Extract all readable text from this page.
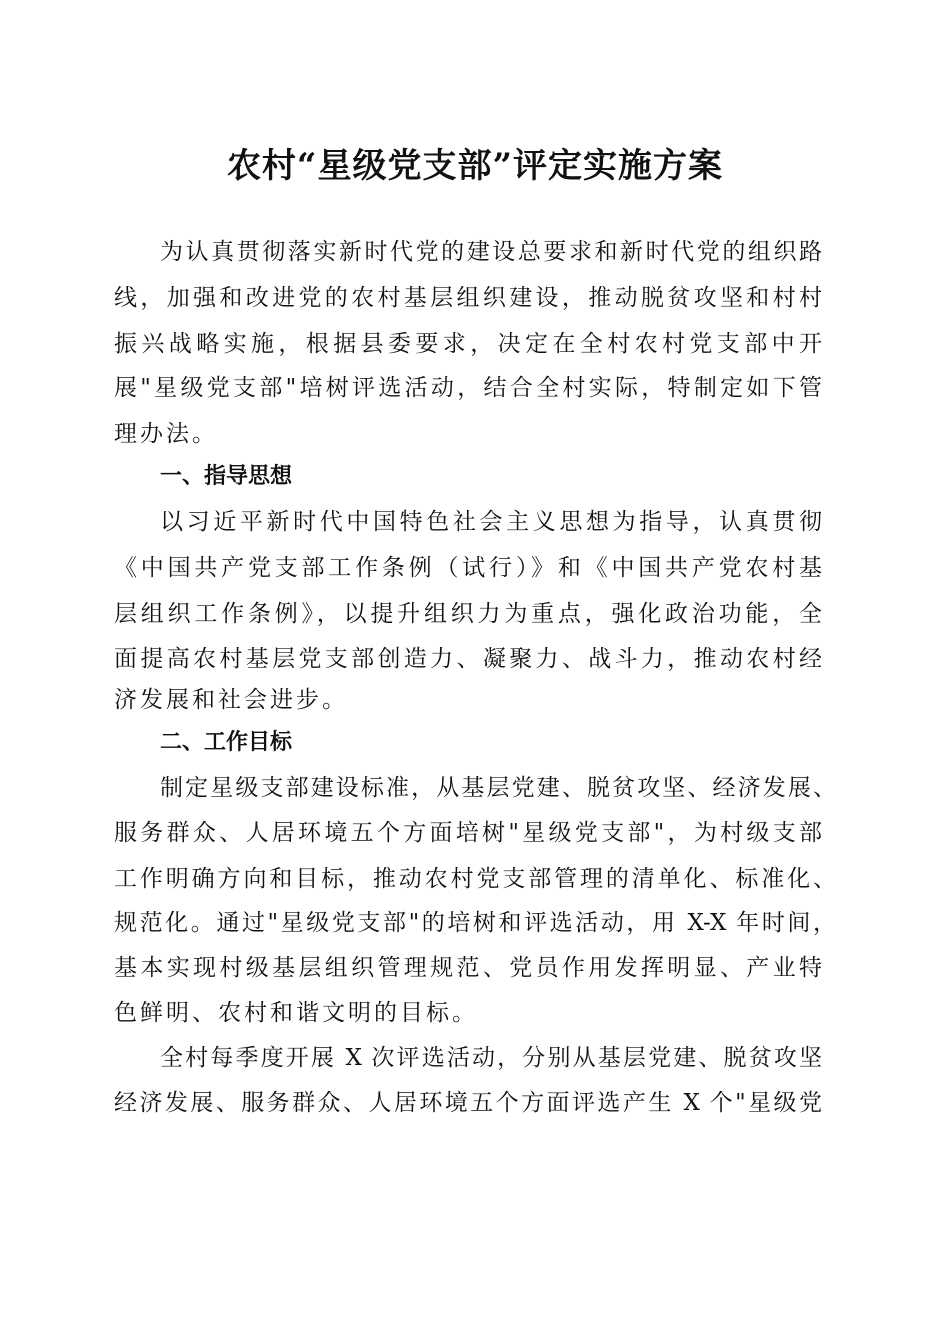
农村“星级党支部”评定实施方案
为认真贯彻落实新时代党的建设总要求和新时代党的组织路
线，加强和改进党的农村基层组织建设，推动脱贫攻坚和村村
振兴战略实施，根据县委要求，决定在全村农村党支部中开
展"星级党支部"培树评选活动，结合全村实际，特制定如下管
理办法。
一、指导思想
以习近平新时代中国特色社会主义思想为指导，认真贯彻
《中国共产党支部工作条例（试行）》和《中国共产党农村基
层组织工作条例》，以提升组织力为重点，强化政治功能，全
面提高农村基层党支部创造力、凝聚力、战斗力，推动农村经
济发展和社会进步。
二、工作目标
制定星级支部建设标准，从基层党建、脱贫攻坚、经济发展、
服务群众、人居环境五个方面培树"星级党支部"，为村级支部
工作明确方向和目标，推动农村党支部管理的清单化、标准化、
规范化。通过"星级党支部"的培树和评选活动，用 X-X 年时间，
基本实现村级基层组织管理规范、党员作用发挥明显、产业特
色鲜明、农村和谐文明的目标。
全村每季度开展 X 次评选活动，分别从基层党建、脱贫攻坚
经济发展、服务群众、人居环境五个方面评选产生 X 个"星级党
